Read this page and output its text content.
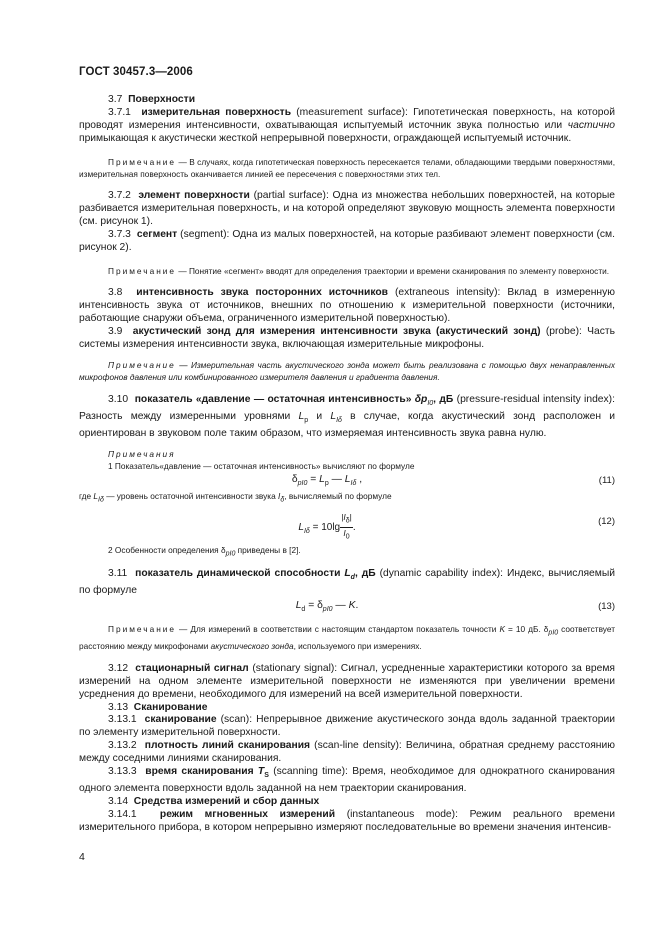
ГОСТ 30457.3—2006

3.7 Поверхности

3.7.1 измерительная поверхность (measurement surface): Гипотетическая поверхность, на которой проводят измерения интенсивности, охватывающая испытуемый источник звука полностью или частично примыкающая к акустически жесткой непрерывной поверхности, ограждающей испытуемый источник.

Примечание — В случаях, когда гипотетическая поверхность пересекается телами, обладающими твердыми поверхностями, измерительная поверхность оканчивается линией ее пересечения с поверхностями этих тел.

3.7.2 элемент поверхности (partial surface): Одна из множества небольших поверхностей, на которые разбивается измерительная поверхность, и на которой определяют звуковую мощность элемента поверхности (см. рисунок 1).

3.7.3 сегмент (segment): Одна из малых поверхностей, на которые разбивают элемент поверхности (см. рисунок 2).

Примечание — Понятие «сегмент» вводят для определения траектории и времени сканирования по элементу поверхности.

3.8 интенсивность звука посторонних источников (extraneous intensity): Вклад в измеренную интенсивность звука от источников, внешних по отношению к измерительной поверхности (источники, работающие снаружи объема, ограниченного измерительной поверхностью).

3.9 акустический зонд для измерения интенсивности звука (акустический зонд) (probe): Часть системы измерения интенсивности звука, включающая измерительные микрофоны.

Примечание — Измерительная часть акустического зонда может быть реализована с помощью двух ненаправленных микрофонов давления или комбинированного измерителя давления и градиента давления.

3.10 показатель «давление — остаточная интенсивность» $\delta p_{I0}$, дБ (pressure-residual intensity index): Разность между измеренными уровнями $L_p$ и $L_{I\delta}$ в случае, когда акустический зонд расположен и ориентирован в звуковом поле таким образом, что измеряемая интенсивность звука равна нулю.

Примечания

1 Показатель«давление — остаточная интенсивность» вычисляют по формуле

$\delta_{pI0} = L_p$ — $L_{I\delta}$ ,	(11)

где $L_{I\delta}$ — уровень остаточной интенсивности звука $I_\delta$, вычисляемый по формуле

$L_{I\delta} = 10\lg \frac{|I_\delta|}{I_0}$ .
(12)

2 Особенности определения $\delta_{pI0}$ приведены в [2].

3.11 показатель динамической способности $L_d$, дБ (dynamic capability index): Индекс, вычисляемый по формуле

$L_d = \delta_{pI0}$ — K.	(13)

Примечание — Для измерений в соответствии с настоящим стандартом показатель точности K = 10 дБ. $\delta_{pI0}$ соответствует расстоянию между микрофонами акустического зонда, используемого при измерениях.

3.12 стационарный сигнал (stationary signal): Сигнал, усредненные характеристики которого за время измерений на одном элементе измерительной поверхности не изменяются при увеличении времени усреднения до времени, необходимого для измерений на всей измерительной поверхности.

3.13 Сканирование

3.13.1 сканирование (scan): Непрерывное движение акустического зонда вдоль заданной траектории по элементу измерительной поверхности.

3.13.2 плотность линий сканирования (scan-line density): Величина, обратная среднему расстоянию между соседними линиями сканирования.

3.13.3 время сканирования $T_S$ (scanning time): Время, необходимое для однократного сканирования одного элемента поверхности вдоль заданной на нем траектории сканирования.

3.14 Средства измерений и сбор данных

3.14.1 режим мгновенных измерений (instantaneous mode): Режим реального времени измерительного прибора, в котором непрерывно измеряют последовательные во времени значения интенсив-

4
